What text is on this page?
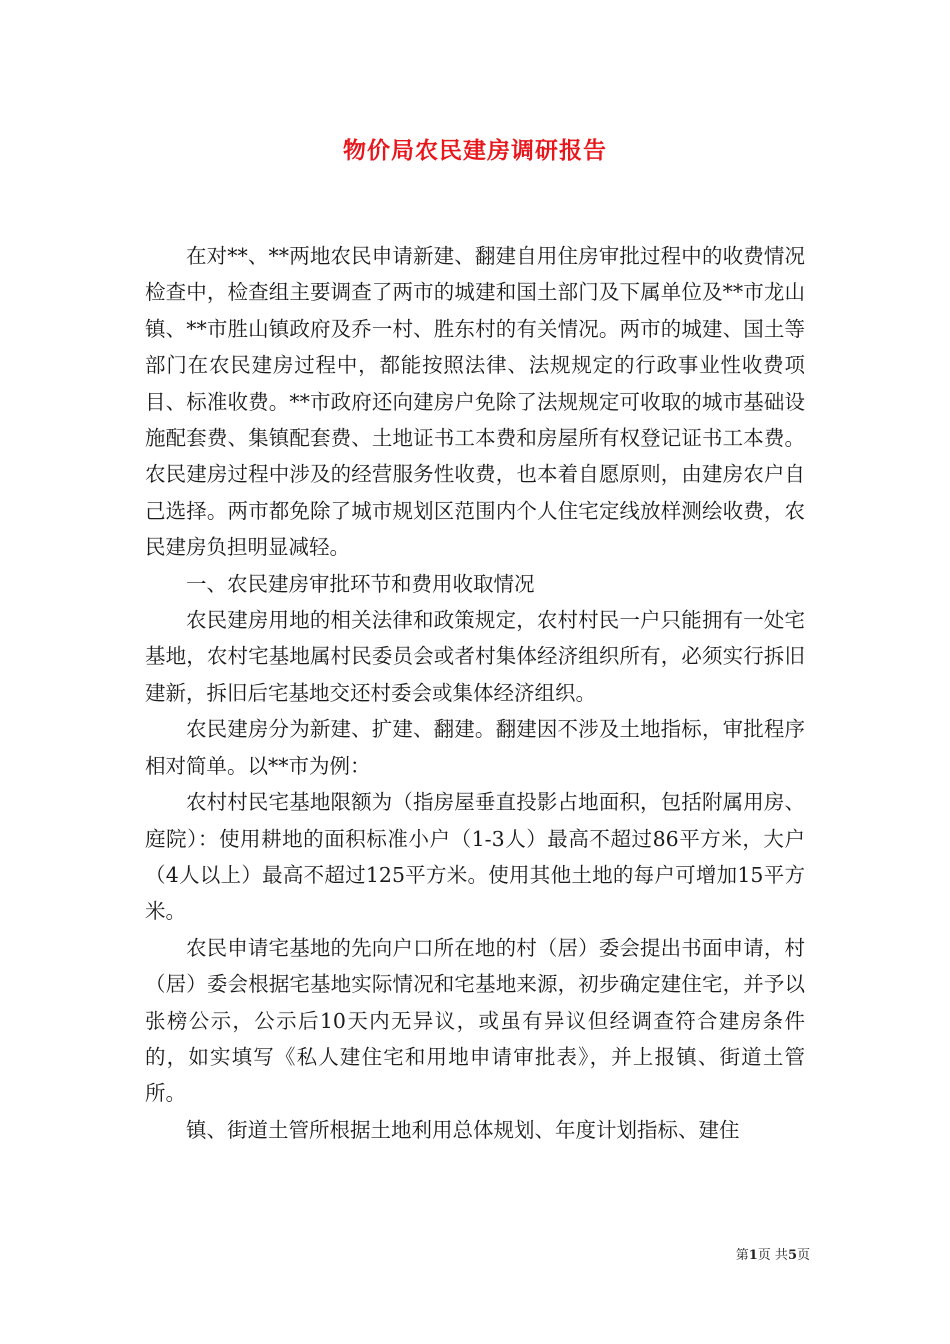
物价局农民建房调研报告

在对**、**两地农民申请新建、翻建自用住房审批过程中的收费情况检查中，检查组主要调查了两市的城建和国土部门及下属单位及**市龙山镇、**市胜山镇政府及乔一村、胜东村的有关情况。两市的城建、国土等部门在农民建房过程中，都能按照法律、法规规定的行政事业性收费项目、标准收费。**市政府还向建房户免除了法规规定可收取的城市基础设施配套费、集镇配套费、土地证书工本费和房屋所有权登记证书工本费。农民建房过程中涉及的经营服务性收费，也本着自愿原则，由建房农户自己选择。两市都免除了城市规划区范围内个人住宅定线放样测绘收费，农民建房负担明显减轻。

一、农民建房审批环节和费用收取情况

农民建房用地的相关法律和政策规定，农村村民一户只能拥有一处宅基地，农村宅基地属村民委员会或者村集体经济组织所有，必须实行拆旧建新，拆旧后宅基地交还村委会或集体经济组织。

农民建房分为新建、扩建、翻建。翻建因不涉及土地指标，审批程序相对简单。以**市为例：

农村村民宅基地限额为（指房屋垂直投影占地面积，包括附属用房、庭院）：使用耕地的面积标准小户（1-3人）最高不超过86平方米，大户（4人以上）最高不超过125平方米。使用其他土地的每户可增加15平方米。

农民申请宅基地的先向户口所在地的村（居）委会提出书面申请，村（居）委会根据宅基地实际情况和宅基地来源，初步确定建住宅，并予以张榜公示，公示后10天内无异议，或虽有异议但经调查符合建房条件的，如实填写《私人建住宅和用地申请审批表》，并上报镇、街道土管所。

镇、街道土管所根据土地利用总体规划、年度计划指标、建住

第1页 共5页
